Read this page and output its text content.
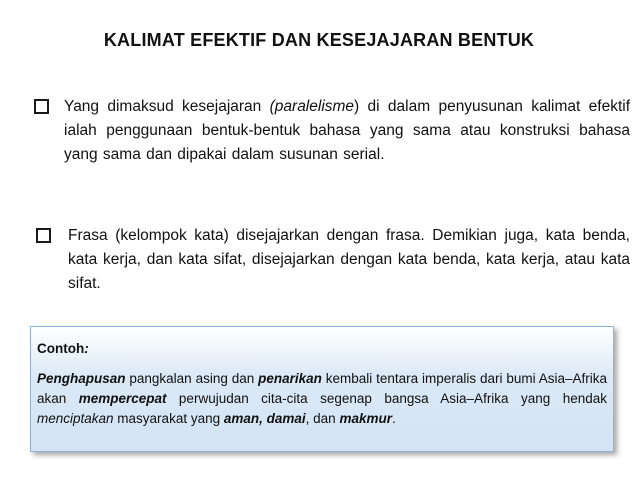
KALIMAT EFEKTIF DAN KESEJAJARAN BENTUK
Yang dimaksud kesejajaran (paralelisme) di dalam penyusunan kalimat efektif ialah penggunaan bentuk-bentuk bahasa yang sama atau konstruksi bahasa yang sama dan dipakai dalam susunan serial.
Frasa (kelompok kata) disejajarkan dengan frasa. Demikian juga, kata benda, kata kerja, dan kata sifat, disejajarkan dengan kata benda, kata kerja, atau kata sifat.
Contoh:
Penghapusan pangkalan asing dan penarikan kembali tentara imperalis dari bumi Asia–Afrika akan mempercepat perwujudan cita-cita segenap bangsa Asia–Afrika yang hendak menciptakan masyarakat yang aman, damai, dan makmur.
